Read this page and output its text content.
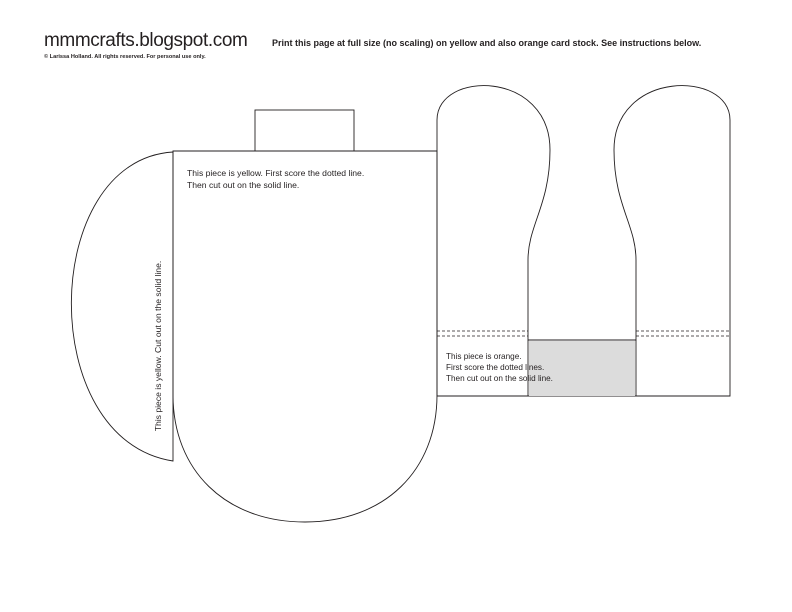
mmmcrafts.blogspot.com
© Larissa Holland. All rights reserved. For personal use only.
Print this page at full size (no scaling) on yellow and also orange card stock. See instructions below.
This piece is yellow. First score the dotted line.
Then cut out on the solid line.
This piece is yellow. Cut out on the solid line.	This piece is orange.
First score the dotted lines.
Then cut out on the solid line.
